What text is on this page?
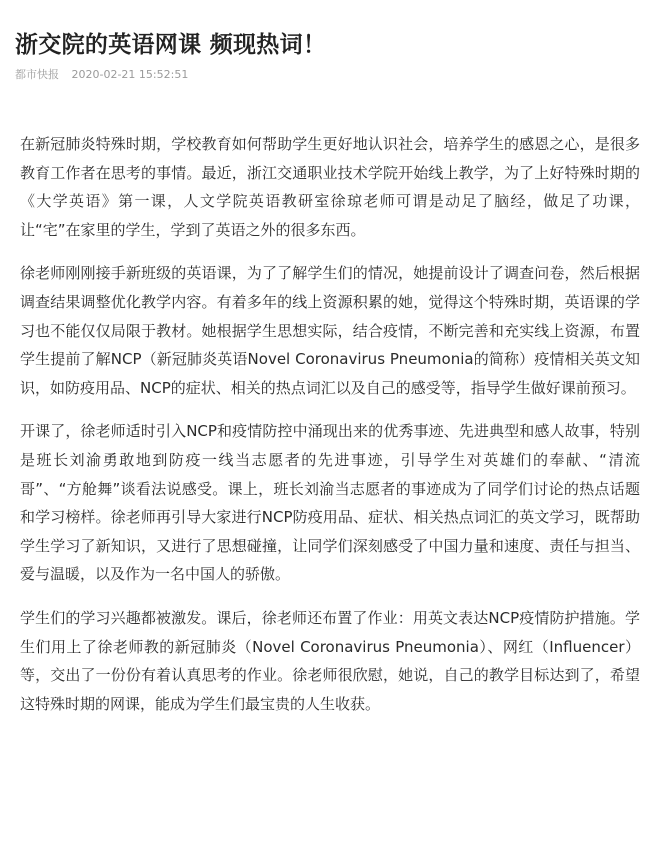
浙交院的英语网课 频现热词！
都市快报 2020-02-21 15:52:51

在新冠肺炎特殊时期，学校教育如何帮助学生更好地认识社会，培养学生的感恩之心，是很多教育工作者在思考的事情。最近，浙江交通职业技术学院开始线上教学，为了上好特殊时期的《大学英语》第一课，人文学院英语教研室徐琼老师可谓是动足了脑经，做足了功课，让“宅”在家里的学生，学到了英语之外的很多东西。

徐老师刚刚接手新班级的英语课，为了了解学生们的情况，她提前设计了调查问卷，然后根据调查结果调整优化教学内容。有着多年的线上资源积累的她，觉得这个特殊时期，英语课的学习也不能仅仅局限于教材。她根据学生思想实际，结合疫情，不断完善和充实线上资源，布置学生提前了解NCP（新冠肺炎英语Novel Coronavirus Pneumonia的简称）疫情相关英文知识，如防疫用品、NCP的症状、相关的热点词汇以及自己的感受等，指导学生做好课前预习。

开课了，徐老师适时引入NCP和疫情防控中涌现出来的优秀事迹、先进典型和感人故事，特别是班长刘渝勇敢地到防疫一线当志愿者的先进事迹，引导学生对英雄们的奉献、“清流哥”、“方舱舞”谈看法说感受。课上，班长刘渝当志愿者的事迹成为了同学们讨论的热点话题和学习榜样。徐老师再引导大家进行NCP防疫用品、症状、相关热点词汇的英文学习，既帮助学生学习了新知识，又进行了思想碰撞，让同学们深刻感受了中国力量和速度、责任与担当、爱与温暖，以及作为一名中国人的骄傲。

学生们的学习兴趣都被激发。课后，徐老师还布置了作业：用英文表达NCP疫情防护措施。学生们用上了徐老师教的新冠肺炎（Novel Coronavirus Pneumonia）、网红（Influencer）等，交出了一份份有着认真思考的作业。徐老师很欣慰，她说，自己的教学目标达到了，希望这特殊时期的网课，能成为学生们最宝贵的人生收获。
